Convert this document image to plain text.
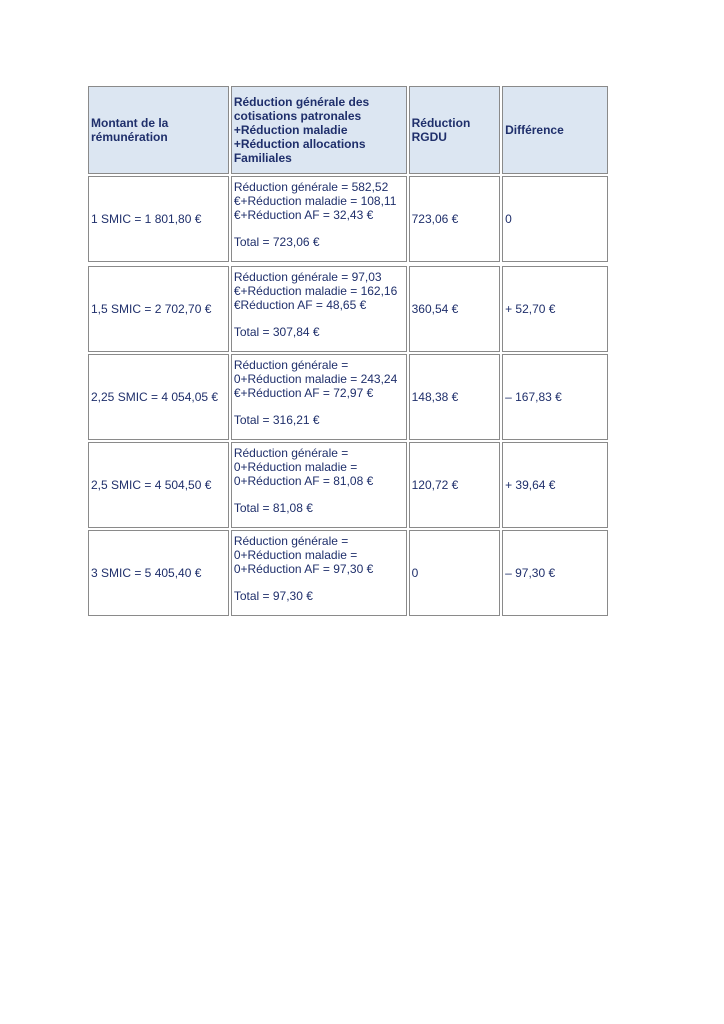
Montant de la rémunération	Réduction générale des
cotisations patronales
+Réduction maladie
+Réduction allocations
Familiales	Réduction
RGDU	Différence
1 SMIC = 1 801,80 €	Réduction générale = 582,52
€+Réduction maladie = 108,11
€+Réduction AF = 32,43 €
Total = 723,06 €	723,06 €	0
1,5 SMIC = 2 702,70 €	Réduction générale = 97,03
€+Réduction maladie = 162,16
€Réduction AF = 48,65 €
Total = 307,84 €	360,54 €	+ 52,70 €
2,25 SMIC = 4 054,05 €	Réduction générale =
0+Réduction maladie = 243,24
€+Réduction AF = 72,97 €
Total = 316,21 €	148,38 €	– 167,83 €
2,5 SMIC = 4 504,50 €	Réduction générale =
0+Réduction maladie =
0+Réduction AF = 81,08 €
Total = 81,08 €	120,72 €	+ 39,64 €
3 SMIC = 5 405,40 €	Réduction générale =
0+Réduction maladie =
0+Réduction AF = 97,30 €
Total = 97,30 €	0	– 97,30 €
